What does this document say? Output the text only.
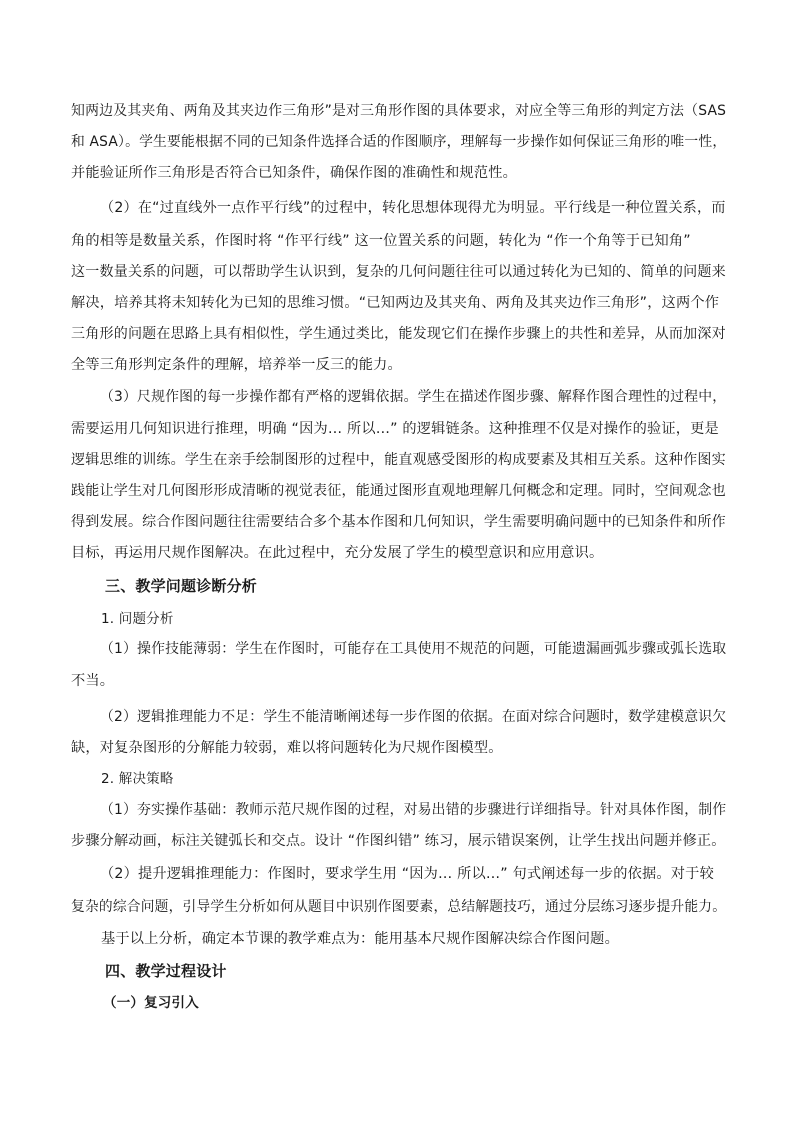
知两边及其夹角、两角及其夹边作三角形”是对三角形作图的具体要求，对应全等三角形的判定方法（SAS
和 ASA）。学生要能根据不同的已知条件选择合适的作图顺序，理解每一步操作如何保证三角形的唯一性，
并能验证所作三角形是否符合已知条件，确保作图的准确性和规范性。
（2）在“过直线外一点作平行线”的过程中，转化思想体现得尤为明显。平行线是一种位置关系，而
角的相等是数量关系，作图时将 “作平行线” 这一位置关系的问题，转化为 “作一个角等于已知角”
这一数量关系的问题，可以帮助学生认识到，复杂的几何问题往往可以通过转化为已知的、简单的问题来
解决，培养其将未知转化为已知的思维习惯。“已知两边及其夹角、两角及其夹边作三角形”，这两个作
三角形的问题在思路上具有相似性，学生通过类比，能发现它们在操作步骤上的共性和差异，从而加深对
全等三角形判定条件的理解，培养举一反三的能力。
（3）尺规作图的每一步操作都有严格的逻辑依据。学生在描述作图步骤、解释作图合理性的过程中，
需要运用几何知识进行推理，明确 “因为… 所以…” 的逻辑链条。这种推理不仅是对操作的验证，更是
逻辑思维的训练。学生在亲手绘制图形的过程中，能直观感受图形的构成要素及其相互关系。这种作图实
践能让学生对几何图形形成清晰的视觉表征，能通过图形直观地理解几何概念和定理。同时，空间观念也
得到发展。综合作图问题往往需要结合多个基本作图和几何知识，学生需要明确问题中的已知条件和所作
目标，再运用尺规作图解决。在此过程中，充分发展了学生的模型意识和应用意识。
三、教学问题诊断分析
1. 问题分析
（1）操作技能薄弱：学生在作图时，可能存在工具使用不规范的问题，可能遗漏画弧步骤或弧长选取
不当。
（2）逻辑推理能力不足：学生不能清晰阐述每一步作图的依据。在面对综合问题时，数学建模意识欠
缺，对复杂图形的分解能力较弱，难以将问题转化为尺规作图模型。
2. 解决策略
（1）夯实操作基础：教师示范尺规作图的过程，对易出错的步骤进行详细指导。针对具体作图，制作
步骤分解动画，标注关键弧长和交点。设计 “作图纠错” 练习，展示错误案例，让学生找出问题并修正。
（2）提升逻辑推理能力：作图时，要求学生用 “因为… 所以…” 句式阐述每一步的依据。对于较
复杂的综合问题，引导学生分析如何从题目中识别作图要素，总结解题技巧，通过分层练习逐步提升能力。
基于以上分析，确定本节课的教学难点为：能用基本尺规作图解决综合作图问题。
四、教学过程设计
（一）复习引入
